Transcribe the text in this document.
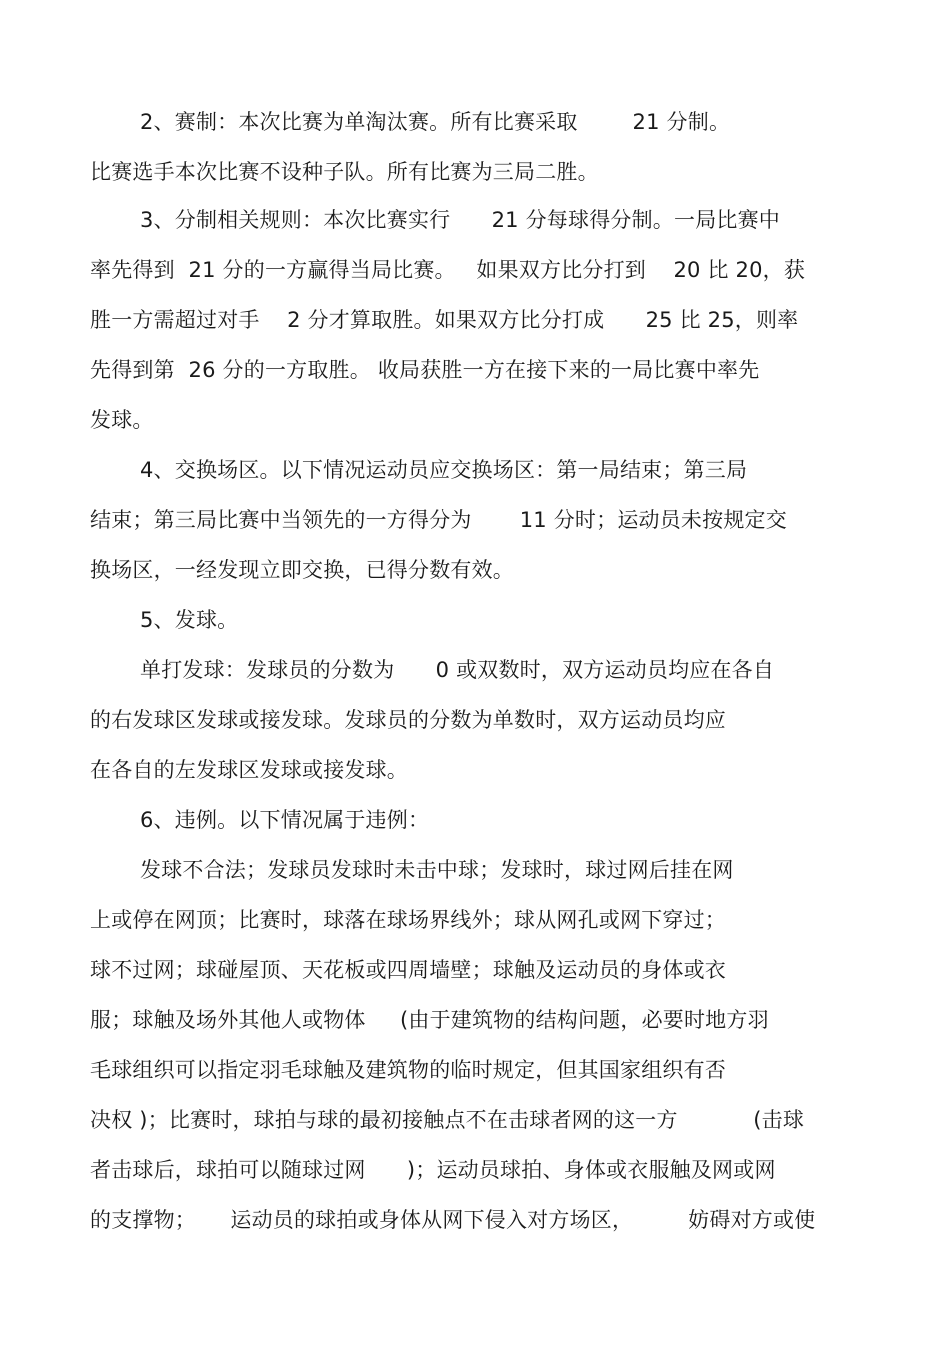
2、赛制：本次比赛为单淘汰赛。所有比赛采取        21 分制。
比赛选手本次比赛不设种子队。所有比赛为三局二胜。
3、分制相关规则：本次比赛实行      21 分每球得分制。一局比赛中
率先得到  21 分的一方赢得当局比赛。   如果双方比分打到    20 比 20，获
胜一方需超过对手    2 分才算取胜。如果双方比分打成      25 比 25，则率
先得到第  26 分的一方取胜。 收局获胜一方在接下来的一局比赛中率先
发球。
4、交换场区。以下情况运动员应交换场区：第一局结束；第三局
结束；第三局比赛中当领先的一方得分为       11 分时；运动员未按规定交
换场区，一经发现立即交换，已得分数有效。
5、发球。
单打发球：发球员的分数为      0 或双数时，双方运动员均应在各自
的右发球区发球或接发球。发球员的分数为单数时，双方运动员均应
在各自的左发球区发球或接发球。
6、违例。以下情况属于违例：
发球不合法；发球员发球时未击中球；发球时，球过网后挂在网
上或停在网顶；比赛时，球落在球场界线外；球从网孔或网下穿过；
球不过网；球碰屋顶、天花板或四周墙壁；球触及运动员的身体或衣
服；球触及场外其他人或物体     (由于建筑物的结构问题，必要时地方羽
毛球组织可以指定羽毛球触及建筑物的临时规定，但其国家组织有否
决权 )；比赛时，球拍与球的最初接触点不在击球者网的这一方           (击球
者击球后，球拍可以随球过网      )；运动员球拍、身体或衣服触及网或网
的支撑物；     运动员的球拍或身体从网下侵入对方场区，        妨碍对方或使
